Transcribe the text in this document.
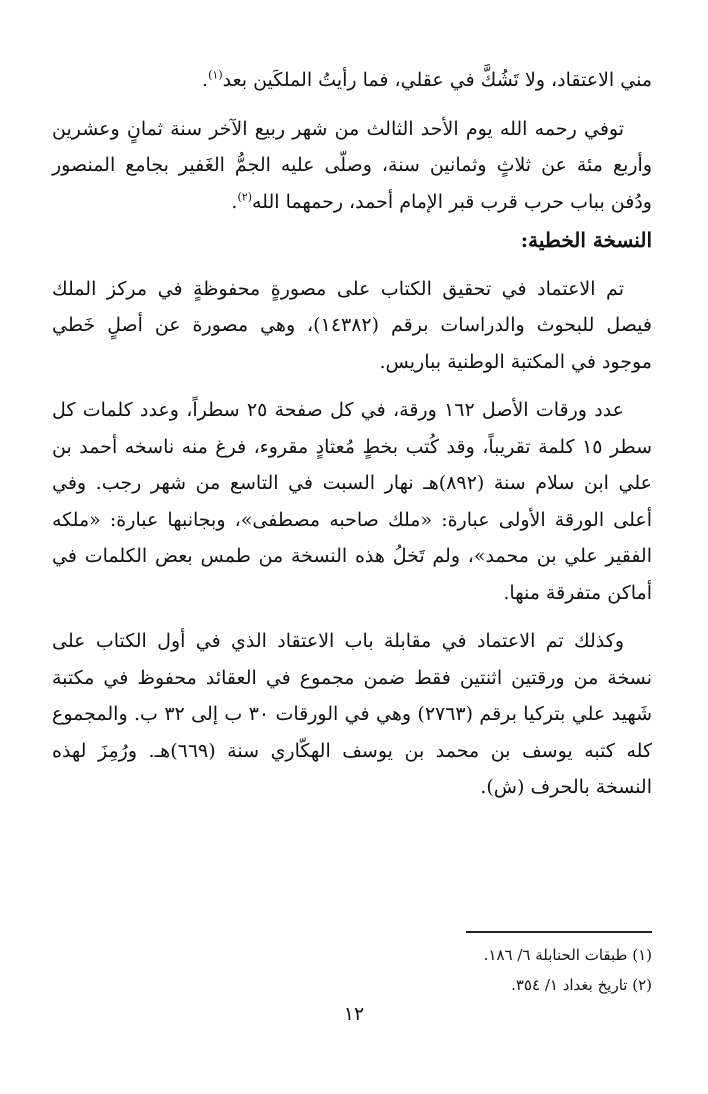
مني الاعتقاد، ولا تَشُكَّ في عقلي، فما رأيتُ الملكَين بعد$^{(١)}$.

توفي رحمه الله يوم الأحد الثالث من شهر ربيع الآخر سنة ثمانٍ وعشرين وأربع مئة عن ثلاثٍ وثمانين سنة، وصلّى عليه الجمُّ الغَفير بجامع المنصور ودُفن بباب حرب قرب قبر الإمام أحمد، رحمهما الله$^{(٢)}$.

النسخة الخطية:

تم الاعتماد في تحقيق الكتاب على مصورةٍ محفوظةٍ في مركز الملك فيصل للبحوث والدراسات برقم (١٤٣٨٢)، وهي مصورة عن أصلٍ خَطي موجود في المكتبة الوطنية بباريس.

عدد ورقات الأصل ١٦٢ ورقة، في كل صفحة ٢٥ سطراً، وعدد كلمات كل سطر ١٥ كلمة تقريباً، وقد كُتب بخطٍ مُعتادٍ مقروء، فرغ منه ناسخه أحمد بن علي ابن سلام سنة (٨٩٢)هـ نهار السبت في التاسع من شهر رجب. وفي أعلى الورقة الأولى عبارة: «ملك صاحبه مصطفى»، وبجانبها عبارة: «ملكه الفقير علي بن محمد»، ولم تَخلُ هذه النسخة من طمس بعض الكلمات في أماكن متفرقة منها.

وكذلك تم الاعتماد في مقابلة باب الاعتقاد الذي في أول الكتاب على نسخة من ورقتين اثنتين فقط ضمن مجموع في العقائد محفوظ في مكتبة شَهيد علي بتركيا برقم (٢٧٦٣) وهي في الورقات ٣٠ ب إلى ٣٢ ب. والمجموع كله كتبه يوسف بن محمد بن يوسف الهكّاري سنة (٦٦٩)هـ. ورُمِزَ لهذه النسخة بالحرف (ش).

(١) طبقات الحنابلة ٦/ ١٨٦.
(٢) تاريخ بغداد ١/ ٣٥٤.
١٢
